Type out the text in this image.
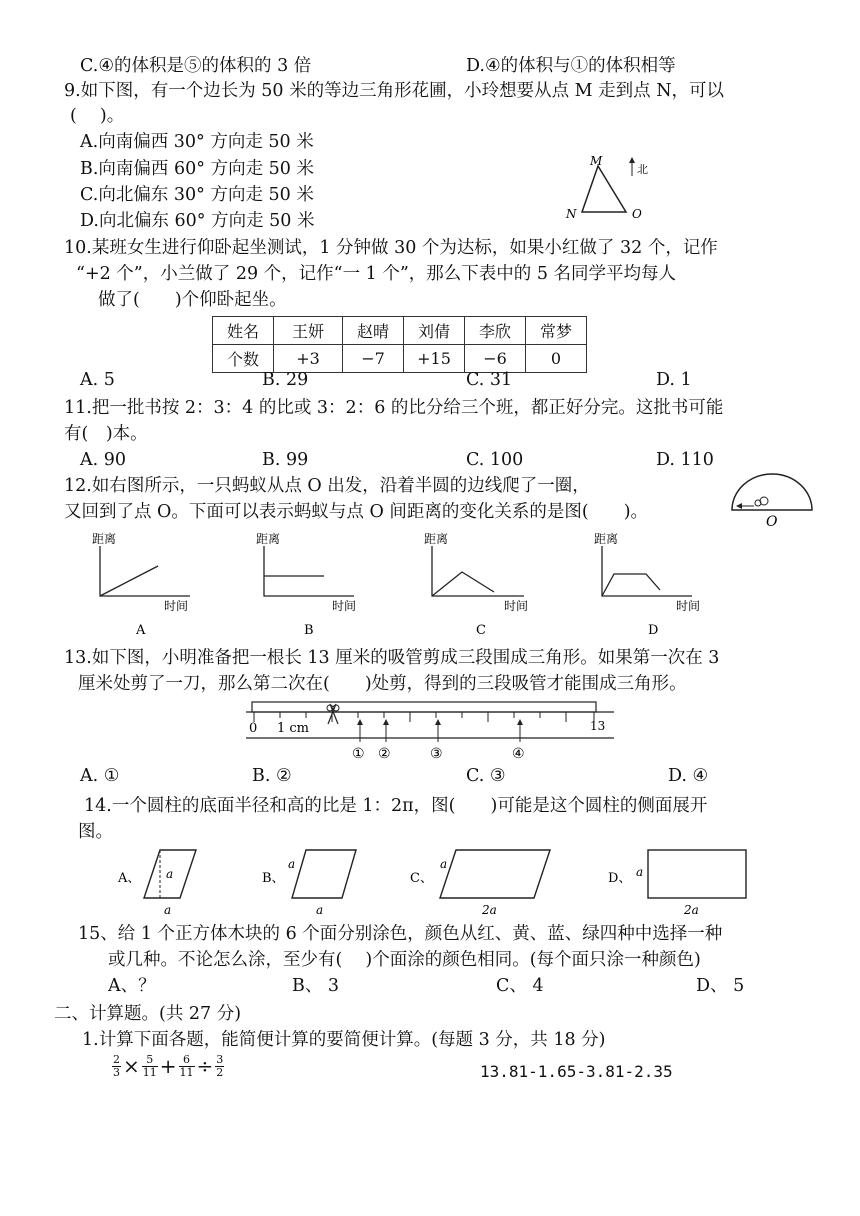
C.④的体积是⑤的体积的 3 倍	D.④的体积与①的体积相等
9.如下图，有一个边长为 50 米的等边三角形花圃，小玲想要从点 M 走到点 N，可以
(　 )。
A.向南偏西 30° 方向走 50 米
B.向南偏西 60° 方向走 50 米
C.向北偏东 30° 方向走 50 米
D.向北偏东 60° 方向走 50 米
M
N	O
北
10.某班女生进行仰卧起坐测试，1 分钟做 30 个为达标，如果小红做了 32 个，记作
“+2 个”，小兰做了 29 个，记作“一 1 个”，那么下表中的 5 名同学平均每人
做了(　　)个仰卧起坐。
姓名	王妍	赵晴	刘倩	李欣	常梦
个数	+3	−7	+15	−6	0
A. 5	B. 29	C. 31	D. 1
11.把一批书按 2：3：4 的比或 3：2：6 的比分给三个班，都正好分完。这批书可能
有(　)本。
A. 90	B. 99	C. 100	D. 110
12.如右图所示，一只蚂蚁从点 O 出发，沿着半圆的边线爬了一圈，
又回到了点 O。下面可以表示蚂蚁与点 O 间距离的变化关系的是图(　　)。	O
距离
时间
A
距离
时间
B
距离
时间
C
距离
时间
D
13.如下图，小明准备把一根长 13 厘米的吸管剪成三段围成三角形。如果第一次在 3
厘米处剪了一刀，那么第二次在(　　)处剪，得到的三段吸管才能围成三角形。
0 1 cm	13
① ②	③	④
A. ①	B. ②	C. ③	D. ④
14.一个圆柱的底面半径和高的比是 1：2π，图(　　)可能是这个圆柱的侧面展开
图。
A、 a
a
B、
a
a
C、
a
2a
D、 a
2a
15、给 1 个正方体木块的 6 个面分别涂色，颜色从红、黄、蓝、绿四种中选择一种
或几种。不论怎么涂，至少有(　 )个面涂的颜色相同。(每个面只涂一种颜色)
A、？	B、 3	C、 4	D、 5
二、计算题。(共 27 分)
1.计算下面各题，能简便计算的要简便计算。(每题 3 分，共 18 分)
$\frac{2}{3} \times \frac{5}{11} + \frac{6}{11} \div \frac{3}{2}$	13.81-1.65-3.81-2.35
